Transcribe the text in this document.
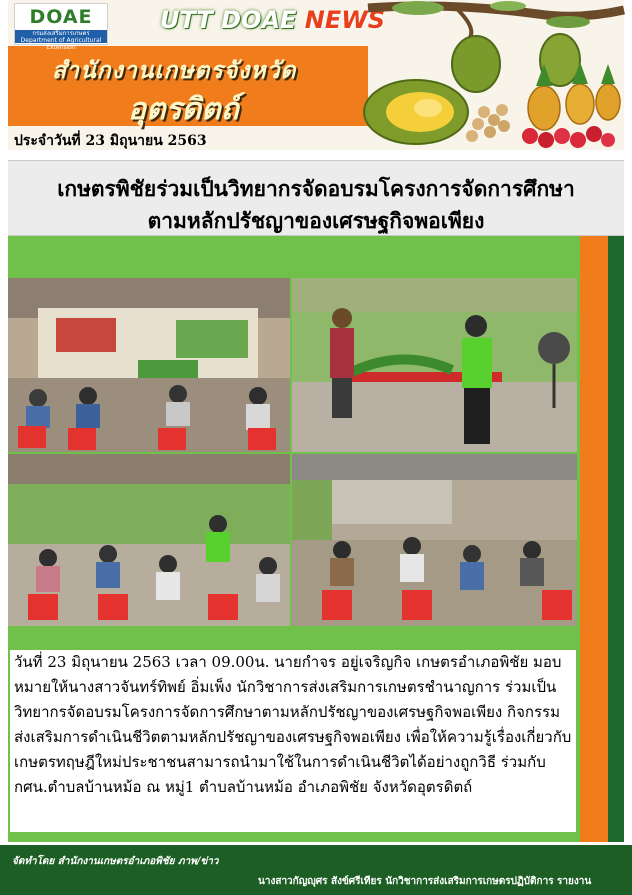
DOAE
กรมส่งเสริมการเกษตร Department of Agricultural Extension
UTT DOAE NEWS
สำนักงานเกษตรจังหวัด
อุตรดิตถ์
ประจำวันที่ 23 มิถุนายน 2563
เกษตรพิชัยร่วมเป็นวิทยากรจัดอบรมโครงการจัดการศึกษา
ตามหลักปรัชญาของเศรษฐกิจพอเพียง

วันที่ 23 มิถุนายน 2563 เวลา 09.00น. นายกำจร อยู่เจริญกิจ เกษตรอำเภอพิชัย มอบหมายให้นางสาวจันทร์ทิพย์ อิ่มเพ็ง นักวิชาการส่งเสริมการเกษตรชำนาญการ ร่วมเป็นวิทยากรจัดอบรมโครงการจัดการศึกษาตามหลักปรัชญาของเศรษฐกิจพอเพียง กิจกรรมส่งเสริมการดำเนินชีวิตตามหลักปรัชญาของเศรษฐกิจพอเพียง เพื่อให้ความรู้เรื่องเกี่ยวกับเกษตรทฤษฎีใหม่ประชาชนสามารถนำมาใช้ในการดำเนินชีวิตได้อย่างถูกวิธี ร่วมกับ กศน.ตำบลบ้านหม้อ ณ หมู่1 ตำบลบ้านหม้อ อำเภอพิชัย จังหวัดอุตรดิตถ์

จัดทำโดย สำนักงานเกษตรอำเภอพิชัย ภาพ/ข่าว
นางสาวกัญญุศร สังข์ศรีเทียร นักวิชาการส่งเสริมการเกษตรปฏิบัติการ รายงาน
